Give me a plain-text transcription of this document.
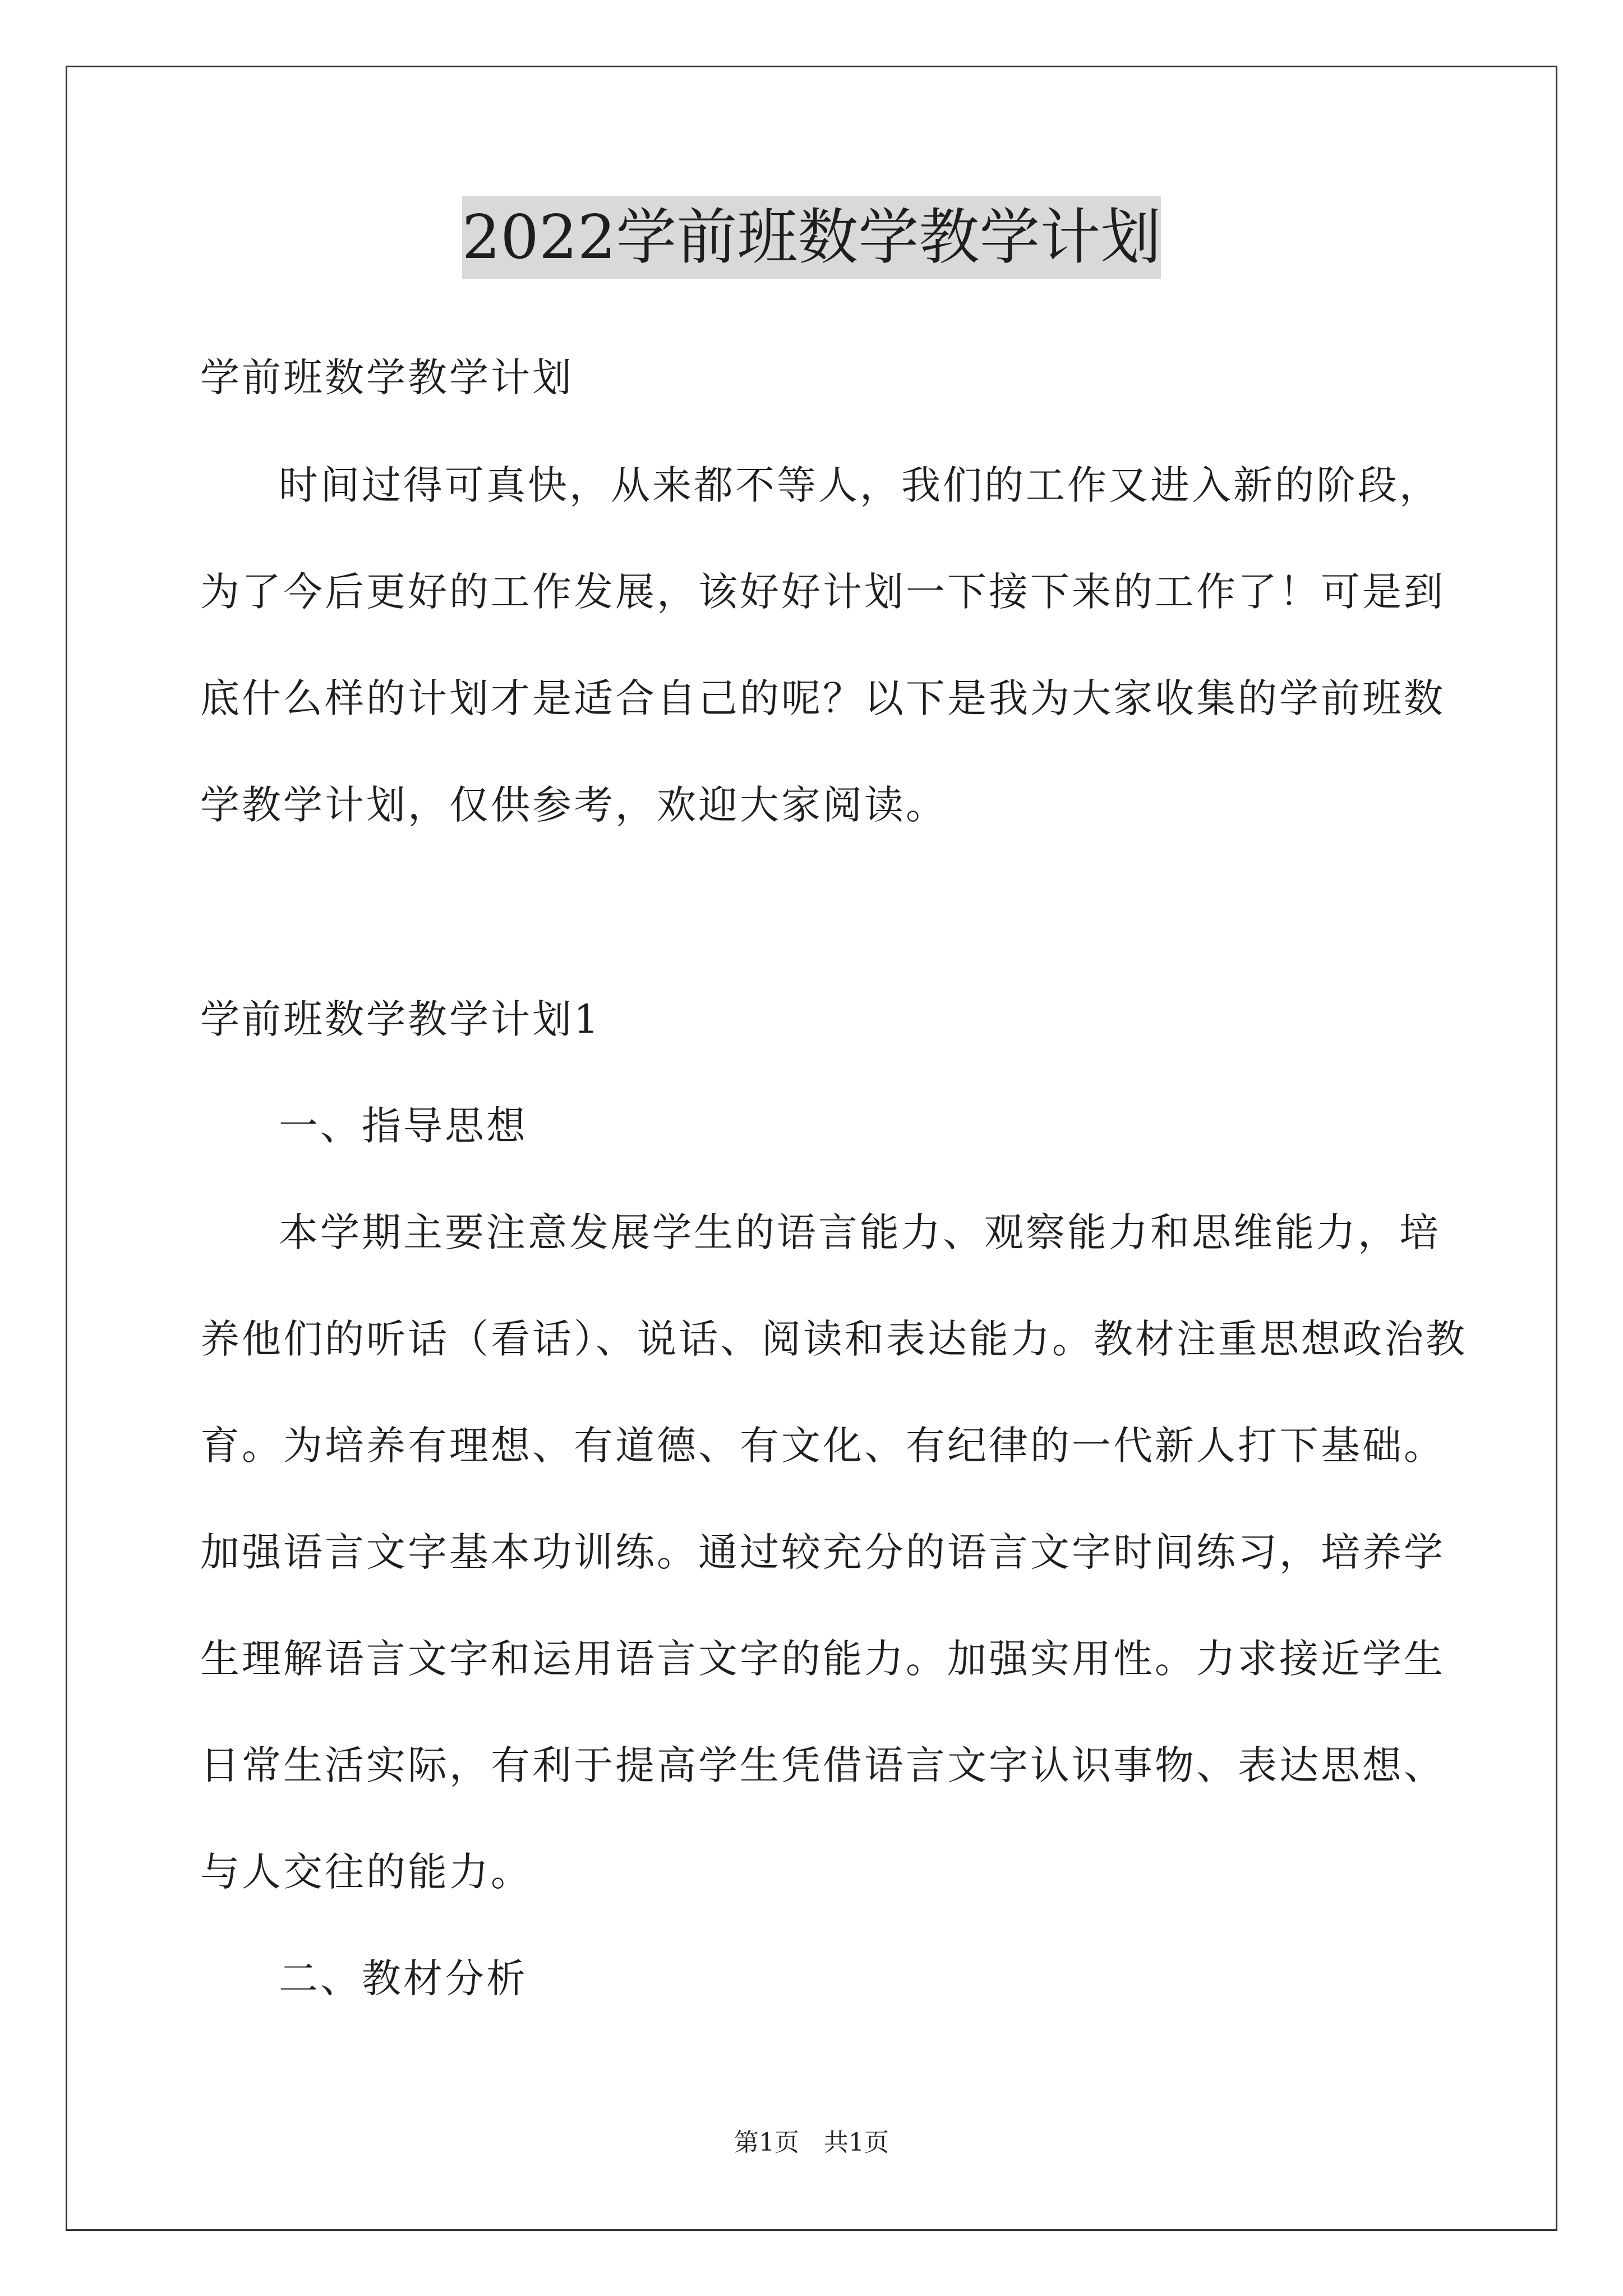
2022学前班数学教学计划
学前班数学教学计划
时间过得可真快，从来都不等人，我们的工作又进入新的阶段，
为了今后更好的工作发展，该好好计划一下接下来的工作了！可是到
底什么样的计划才是适合自己的呢？以下是我为大家收集的学前班数
学教学计划，仅供参考，欢迎大家阅读。
学前班数学教学计划1
一、指导思想
本学期主要注意发展学生的语言能力、观察能力和思维能力，培
养他们的听话（看话）、说话、阅读和表达能力。教材注重思想政治教
育。为培养有理想、有道德、有文化、有纪律的一代新人打下基础。
加强语言文字基本功训练。通过较充分的语言文字时间练习，培养学
生理解语言文字和运用语言文字的能力。加强实用性。力求接近学生
日常生活实际，有利于提高学生凭借语言文字认识事物、表达思想、
与人交往的能力。
二、教材分析
第1页　共1页
